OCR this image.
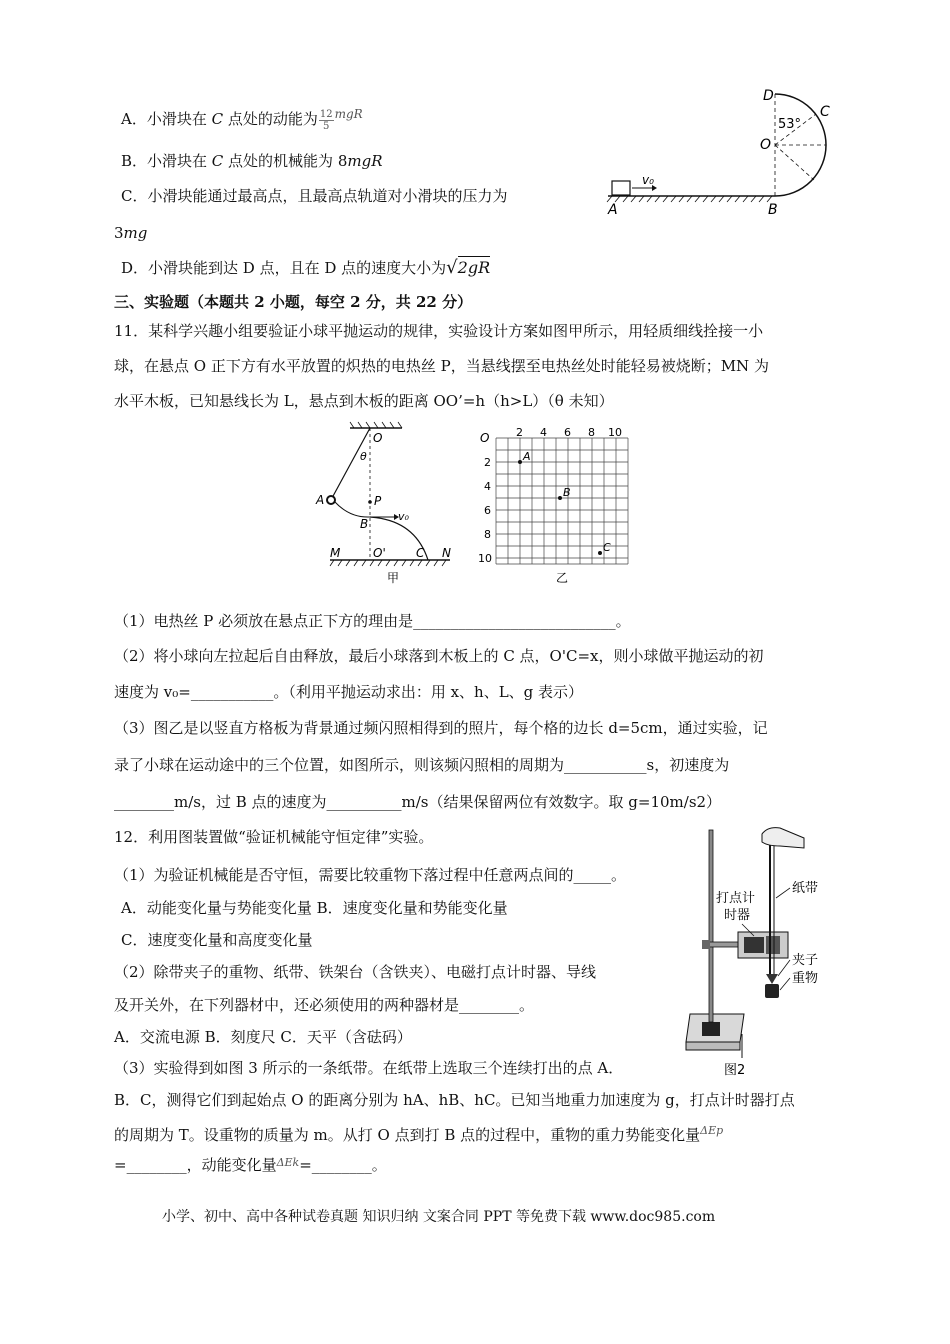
A．小滑块在 C 点处的动能为 $\frac{12}{5} ^{mgR}$
B．小滑块在 C 点处的机械能为 8mgR
C．小滑块能通过最高点，且最高点轨道对小滑块的压力为
3mg
D．小滑块能到达 D 点，且在 D 点的速度大小为√2gR
D
C
O
53°
v₀
A	B
三、实验题（本题共 2 小题，每空 2 分，共 22 分）
11．某科学兴趣小组要验证小球平抛运动的规律，实验设计方案如图甲所示，用轻质细线拴接一小
球，在悬点 O 正下方有水平放置的炽热的电热丝 P，当悬线摆至电热丝处时能轻易被烧断；MN 为
水平木板，已知悬线长为 L，悬点到木板的距离 OO’=h（h>L）（θ 未知）
O
θ
A	P
B
v₀
M	O'	C N
甲
O 2 4 6 8 10
2
4
6
8
10
A
B
C
乙
（1）电热丝 P 必须放在悬点正下方的理由是___________________________。
（2）将小球向左拉起后自由释放，最后小球落到木板上的 C 点，O'C=x，则小球做平抛运动的初
速度为 v₀=___________。（利用平抛运动求出：用 x、h、L、g 表示）
（3）图乙是以竖直方格板为背景通过频闪照相得到的照片，每个格的边长 d=5cm，通过实验，记
录了小球在运动途中的三个位置，如图所示，则该频闪照相的周期为___________s，初速度为
________m/s，过 B 点的速度为__________m/s（结果保留两位有效数字。取 g=10m/s2）
12．利用图装置做“验证机械能守恒定律”实验。
（1）为验证机械能是否守恒，需要比较重物下落过程中任意两点间的_____。
A．动能变化量与势能变化量 B．速度变化量和势能变化量
C．速度变化量和高度变化量
（2）除带夹子的重物、纸带、铁架台（含铁夹）、电磁打点计时器、导线
及开关外，在下列器材中，还必须使用的两种器材是________。
A．交流电源 B．刻度尺 C．天平（含砝码）
（3）实验得到如图 3 所示的一条纸带。在纸带上选取三个连续打出的点 A．
B．C，测得它们到起始点 O 的距离分别为 hA、hB、hC。已知当地重力加速度为 g，打点计时器打点
的周期为 T。设重物的质量为 m。从打 O 点到打 B 点的过程中，重物的重力势能变化量$^{\Delta Ep}$
=________，动能变化量$^{\Delta Ek}$=________。
打点计
时器
纸带
夹子
重物
图2
小学、初中、高中各种试卷真题 知识归纳 文案合同 PPT 等免费下载 www.doc985.com
